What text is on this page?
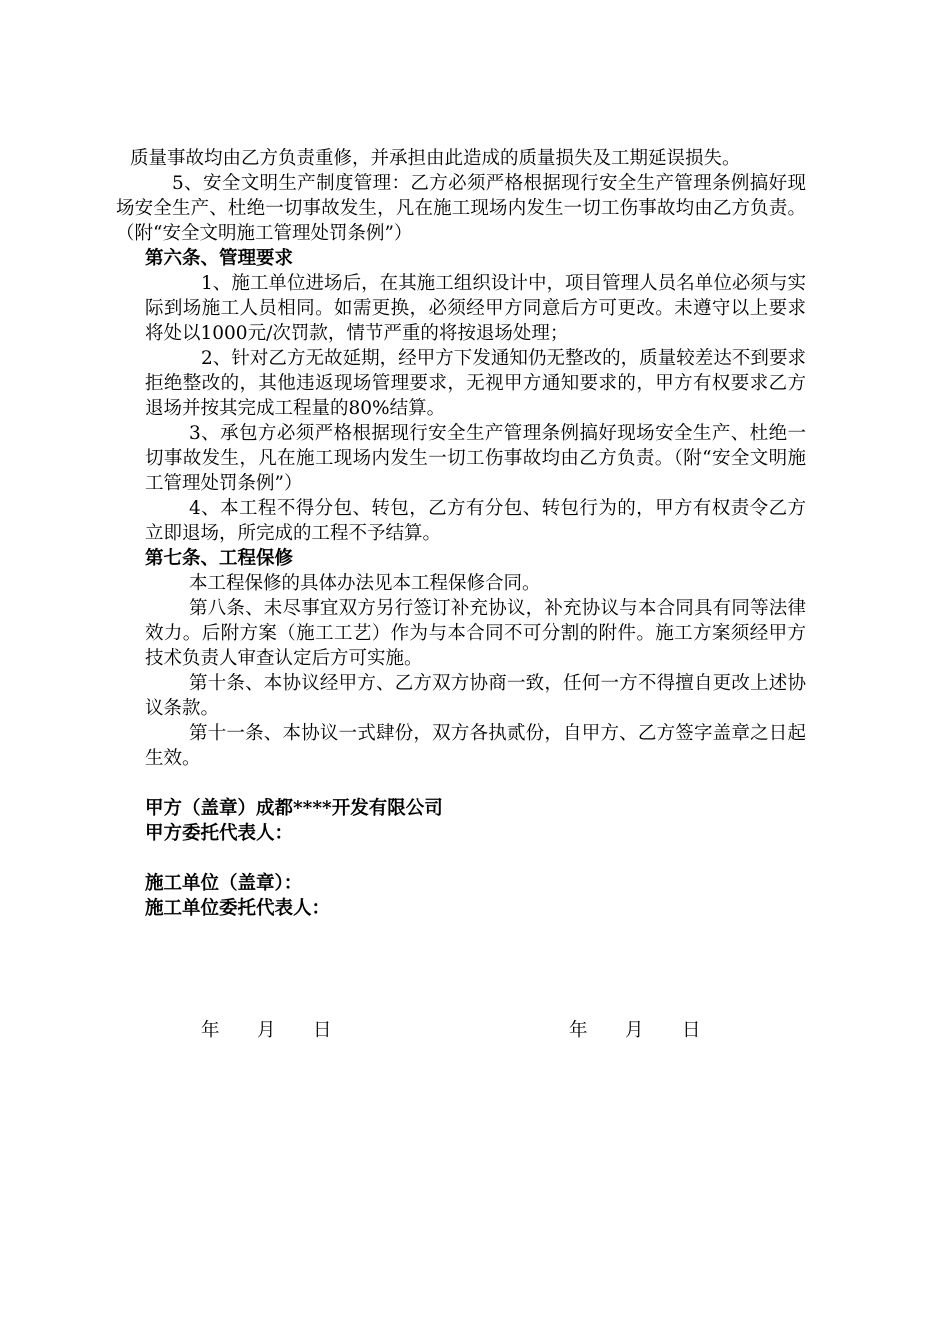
质量事故均由乙方负责重修，并承担由此造成的质量损失及工期延误损失。

5、安全文明生产制度管理：乙方必须严格根据现行安全生产管理条例搞好现场安全生产、杜绝一切事故发生，凡在施工现场内发生一切工伤事故均由乙方负责。（附“安全文明施工管理处罚条例”）

第六条、管理要求

1、施工单位进场后，在其施工组织设计中，项目管理人员名单位必须与实际到场施工人员相同。如需更换，必须经甲方同意后方可更改。未遵守以上要求将处以1000元/次罚款，情节严重的将按退场处理；

2、针对乙方无故延期，经甲方下发通知仍无整改的，质量较差达不到要求拒绝整改的，其他违返现场管理要求，无视甲方通知要求的，甲方有权要求乙方退场并按其完成工程量的80%结算。

3、承包方必须严格根据现行安全生产管理条例搞好现场安全生产、杜绝一切事故发生，凡在施工现场内发生一切工伤事故均由乙方负责。（附“安全文明施工管理处罚条例”）

4、本工程不得分包、转包，乙方有分包、转包行为的，甲方有权责令乙方立即退场，所完成的工程不予结算。

第七条、工程保修

本工程保修的具体办法见本工程保修合同。

第八条、未尽事宜双方另行签订补充协议，补充协议与本合同具有同等法律效力。后附方案（施工工艺）作为与本合同不可分割的附件。施工方案须经甲方技术负责人审查认定后方可实施。

第十条、本协议经甲方、乙方双方协商一致，任何一方不得擅自更改上述协议条款。

第十一条、本协议一式肆份，双方各执贰份，自甲方、乙方签字盖章之日起生效。

甲方（盖章）成都****开发有限公司

甲方委托代表人：

施工单位（盖章）：

施工单位委托代表人：

年 月 日	年 月 日
